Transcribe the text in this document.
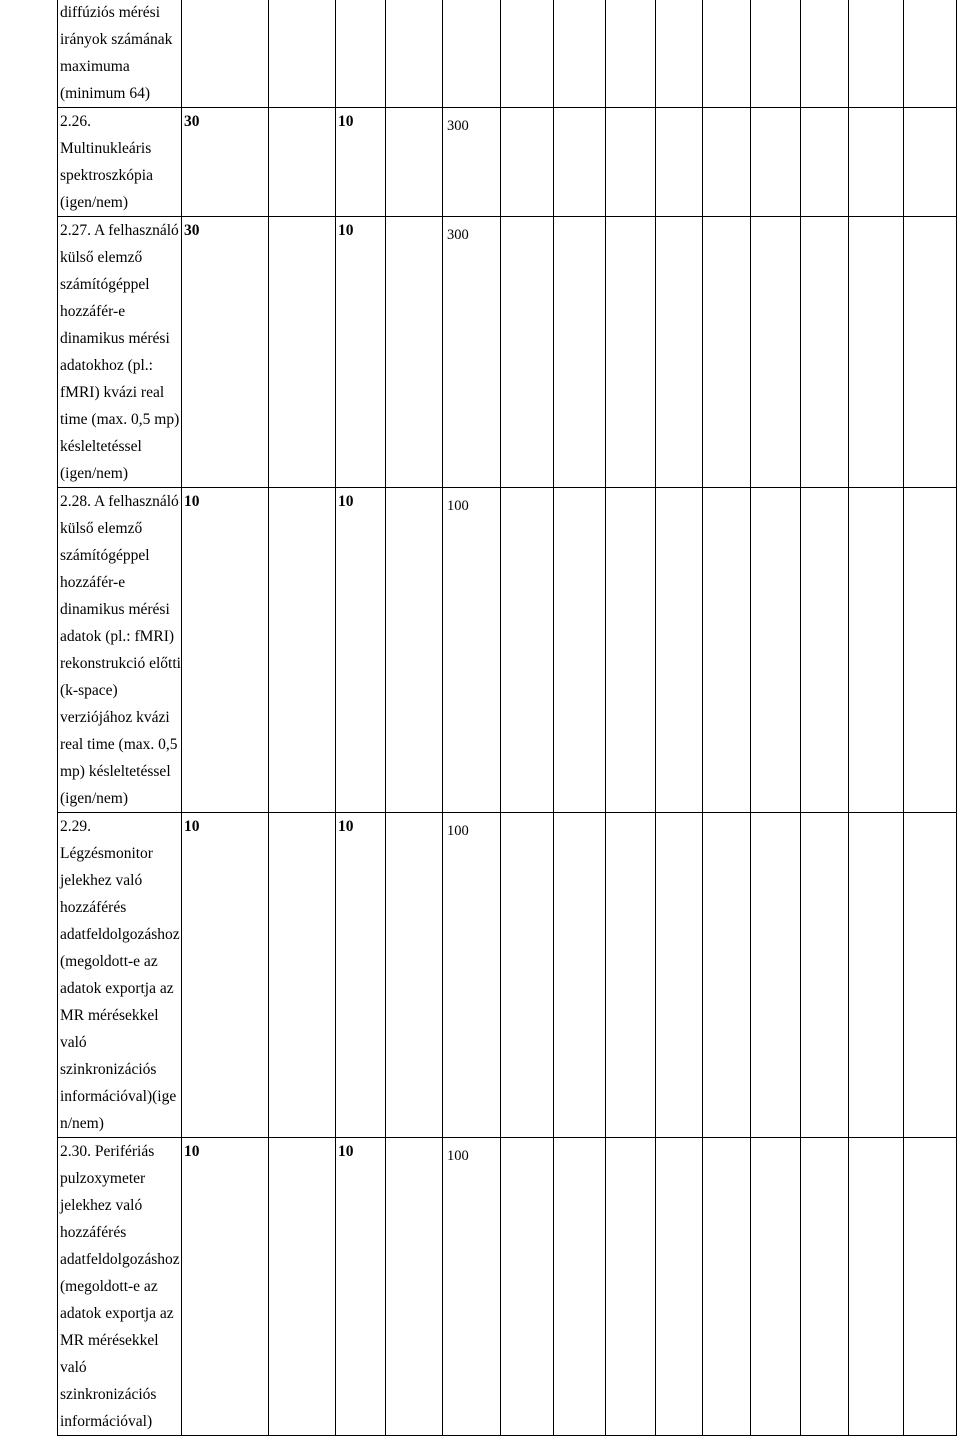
diffúziós mérési
irányok számának
maximuma
(minimum 64)
2.26.
Multinukleáris
spektroszkópia
(igen/nem)
30	10	300
2.27. A felhasználó
külső elemző
számítógéppel
hozzáfér-e
dinamikus mérési
adatokhoz (pl.:
fMRI) kvázi real
time (max. 0,5 mp)
késleltetéssel
(igen/nem)
30	10	300
2.28. A felhasználó
külső elemző
számítógéppel
hozzáfér-e
dinamikus mérési
adatok (pl.: fMRI)
rekonstrukció előtti
(k-space)
verziójához kvázi
real time (max. 0,5
mp) késleltetéssel
(igen/nem)
10	10	100
2.29.
Légzésmonitor
jelekhez való
hozzáférés
adatfeldolgozáshoz
(megoldott-e az
adatok exportja az
MR mérésekkel
való
szinkronizációs
információval)(ige
n/nem)
10	10	100
2.30. Perifériás
pulzoxymeter
jelekhez való
hozzáférés
adatfeldolgozáshoz
(megoldott-e az
adatok exportja az
MR mérésekkel
való
szinkronizációs
információval)
10	10	100
